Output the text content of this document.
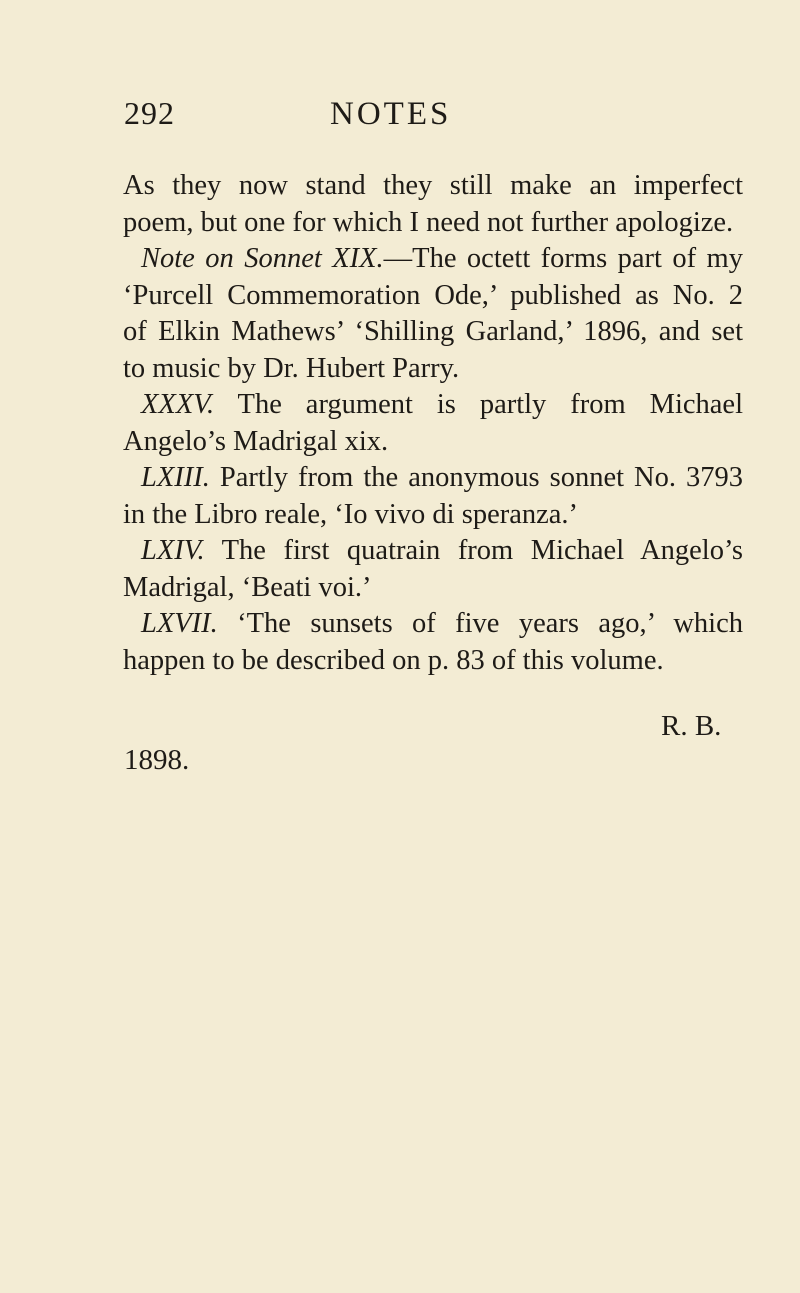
292	NOTES
As they now stand they still make an imperfect
poem, but one for which I need not further apologize.
Note on Sonnet XIX.—The octett forms part of my
‘Purcell Commemoration Ode,’ published as No. 2
of Elkin Mathews’ ‘Shilling Garland,’ 1896, and set
to music by Dr. Hubert Parry.
XXXV. The argument is partly from Michael
Angelo’s Madrigal xix.
LXIII. Partly from the anonymous sonnet No. 3793
in the Libro reale, ‘Io vivo di speranza.’
LXIV. The first quatrain from Michael Angelo’s
Madrigal, ‘Beati voi.’
LXVII. ‘The sunsets of five years ago,’ which
happen to be described on p. 83 of this volume.
R. B.
1898.
